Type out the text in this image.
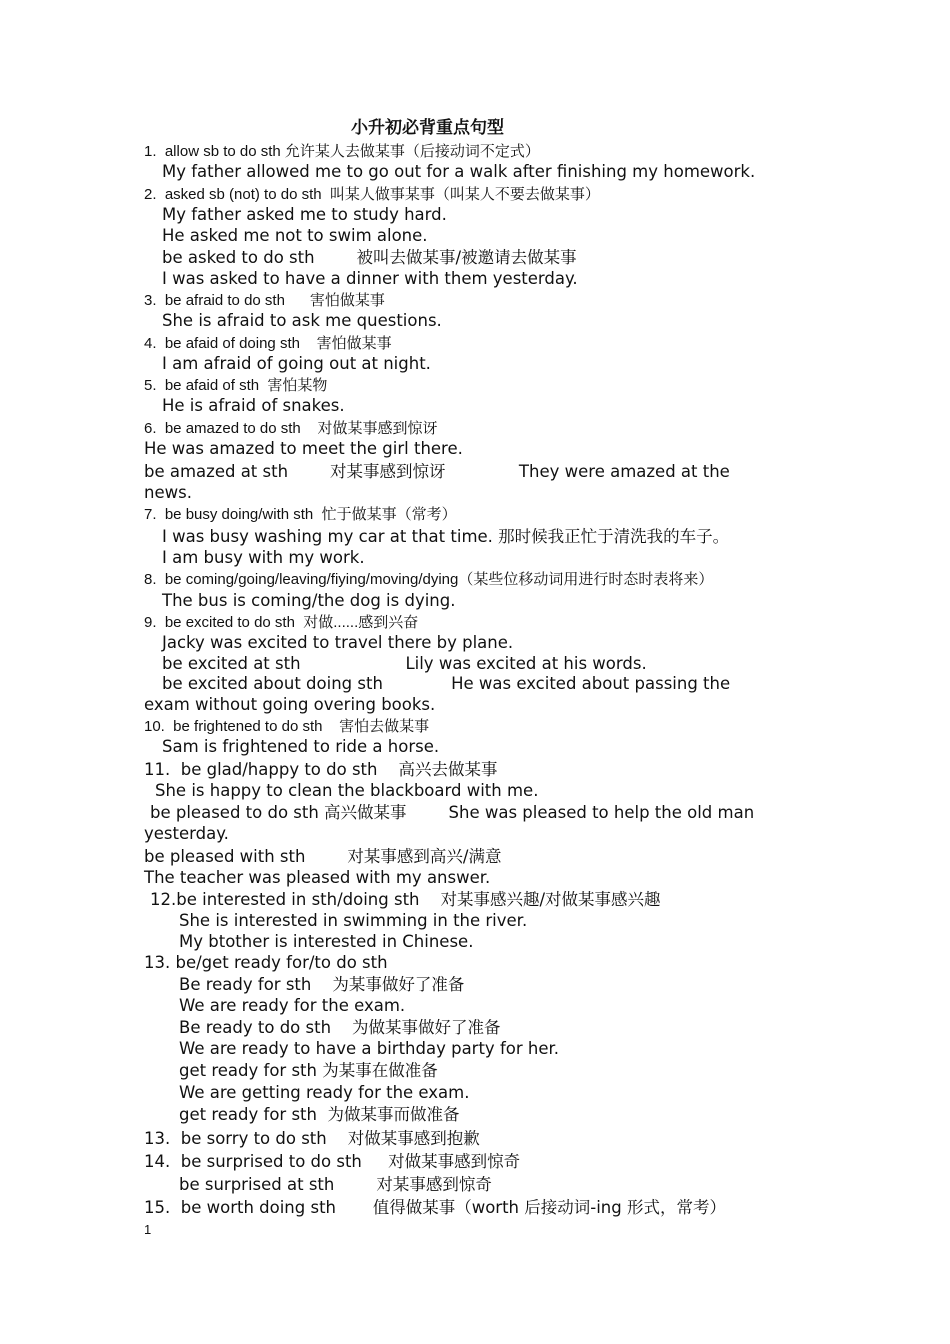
小升初必背重点句型
1.  allow sb to do sth 允许某人去做某事（后接动词不定式）
My father allowed me to go out for a walk after finishing my homework.
2.  asked sb (not) to do sth  叫某人做事某事（叫某人不要去做某事）
My father asked me to study hard.
He asked me not to swim alone.
be asked to do sth        被叫去做某事/被邀请去做某事
I was asked to have a dinner with them yesterday.
3.  be afraid to do sth      害怕做某事
She is afraid to ask me questions.
4.  be afaid of doing sth    害怕做某事
I am afraid of going out at night.
5.  be afaid of sth  害怕某物
He is afraid of snakes.
6.  be amazed to do sth    对做某事感到惊讶
He was amazed to meet the girl there.
be amazed at sth        对某事感到惊讶              They were amazed at the
news.
7.  be busy doing/with sth  忙于做某事（常考）
I was busy washing my car at that time. 那时候我正忙于清洗我的车子。
I am busy with my work.
8.  be coming/going/leaving/fiying/moving/dying（某些位移动词用进行时态时表将来）
The bus is coming/the dog is dying.
9.  be excited to do sth  对做......感到兴奋
Jacky was excited to travel there by plane.
be excited at sth                    Lily was excited at his words.
be excited about doing sth             He was excited about passing the
exam without going overing books.
10.  be frightened to do sth    害怕去做某事
Sam is frightened to ride a horse.
11.  be glad/happy to do sth    高兴去做某事
She is happy to clean the blackboard with me.
be pleased to do sth 高兴做某事        She was pleased to help the old man
yesterday.
be pleased with sth        对某事感到高兴/满意
The teacher was pleased with my answer.
12.be interested in sth/doing sth    对某事感兴趣/对做某事感兴趣
She is interested in swimming in the river.
My btother is interested in Chinese.
13. be/get ready for/to do sth
Be ready for sth    为某事做好了准备
We are ready for the exam.
Be ready to do sth    为做某事做好了准备
We are ready to have a birthday party for her.
get ready for sth 为某事在做准备
We are getting ready for the exam.
get ready for sth  为做某事而做准备
13.  be sorry to do sth    对做某事感到抱歉
14.  be surprised to do sth     对做某事感到惊奇
be surprised at sth        对某事感到惊奇
15.  be worth doing sth       值得做某事（worth 后接动词-ing 形式，常考）
1
